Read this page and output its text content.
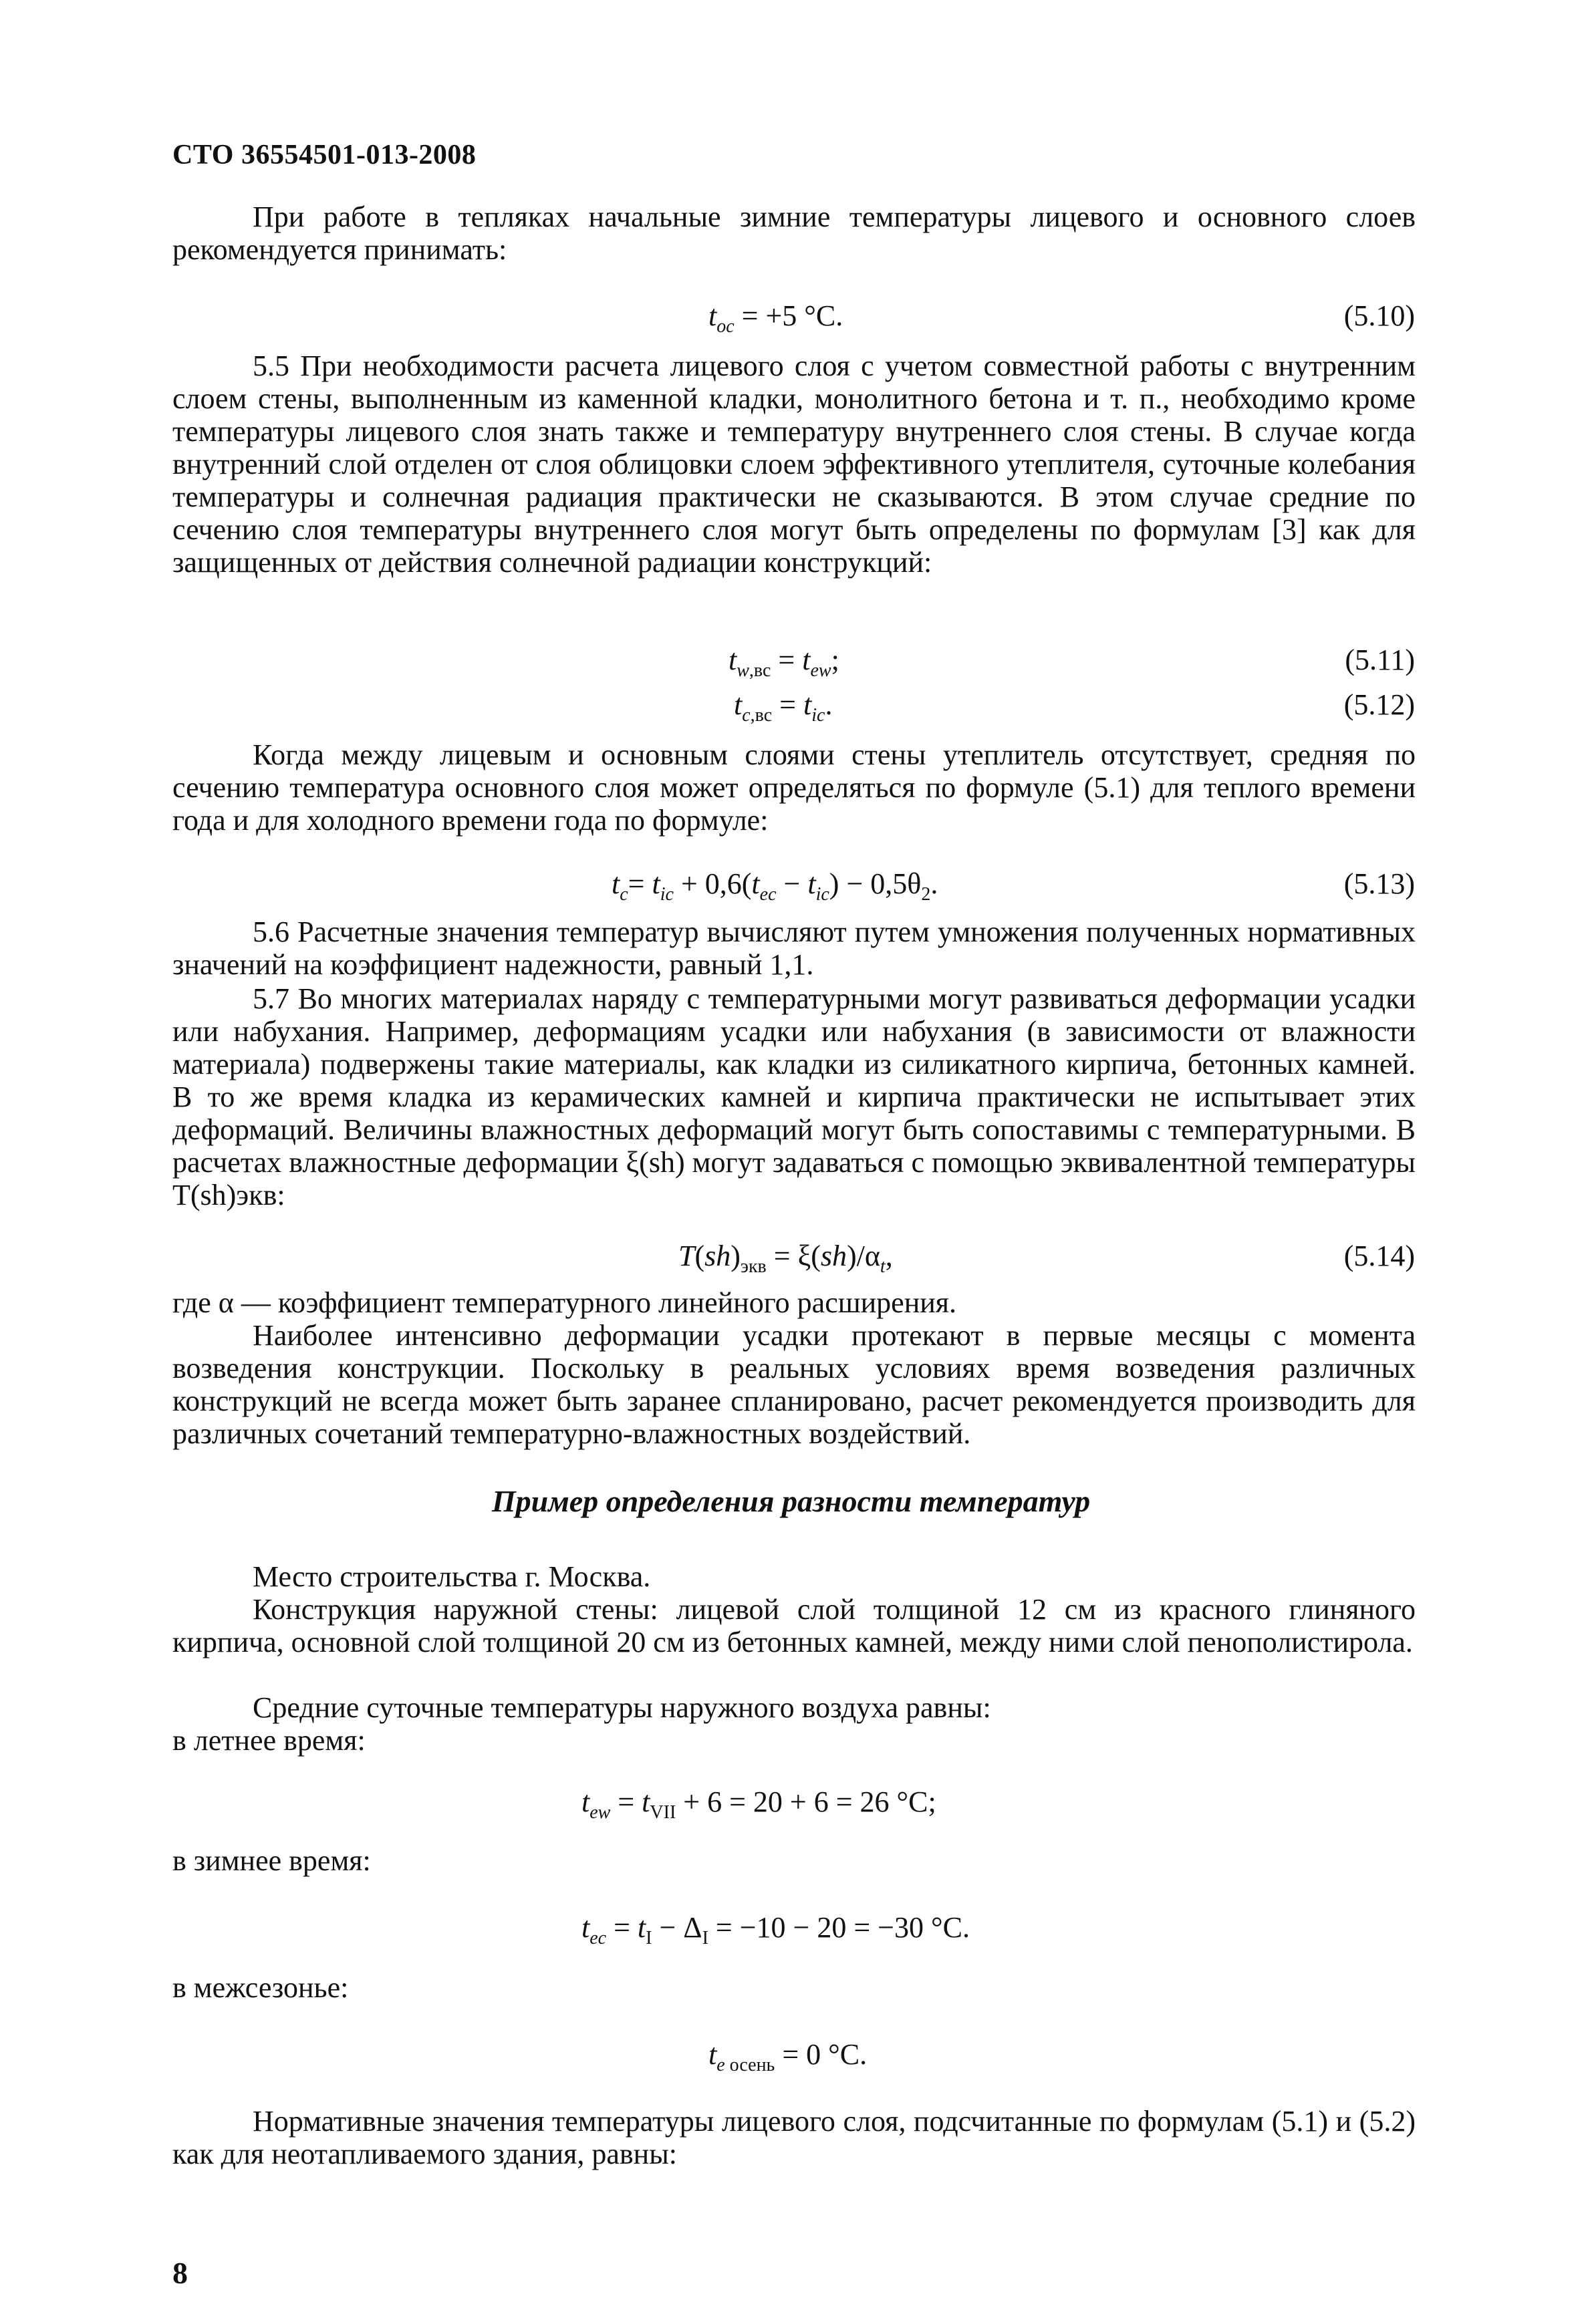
СТО 36554501-013-2008
При работе в тепляках начальные зимние температуры лицевого и основного слоев рекомендуется принимать:
$t_{oc} = +5$ °C.	(5.10)
5.5 При необходимости расчета лицевого слоя с учетом совместной работы с внутренним слоем стены, выполненным из каменной кладки, монолитного бетона и т. п., необходимо кроме температуры лицевого слоя знать также и температуру внутреннего слоя стены. В случае когда внутренний слой отделен от слоя облицовки слоем эффективного утеплителя, суточные колебания температуры и солнечная радиация практически не сказываются. В этом случае средние по сечению слоя температуры внутреннего слоя могут быть определены по формулам [3] как для защищенных от действия солнечной радиации конструкций:
$t_{w,вс} = t_{ew}$;	(5.11)
$t_{c,вс} = t_{ic}$.	(5.12)
Когда между лицевым и основным слоями стены утеплитель отсутствует, средняя по сечению температура основного слоя может определяться по формуле (5.1) для теплого времени года и для холодного времени года по формуле:
$t_c= t_{ic} + 0,6(t_{ec} - t_{ic}) - 0,5\theta_2$.	(5.13)
5.6 Расчетные значения температур вычисляют путем умножения полученных нормативных значений на коэффициент надежности, равный 1,1.
5.7 Во многих материалах наряду с температурными могут развиваться деформации усадки или набухания. Например, деформациям усадки или набухания (в зависимости от влажности материала) подвержены такие материалы, как кладки из силикатного кирпича, бетонных камней. В то же время кладка из керамических камней и кирпича практически не испытывает этих деформаций. Величины влажностных деформаций могут быть сопоставимы с температурными. В расчетах влажностные деформации ξ(sh) могут задаваться с помощью эквивалентной температуры T(sh)экв:
$T(sh)_{экв} = \xi(sh)/\alpha_t$,	(5.14)
где α — коэффициент температурного линейного расширения.
Наиболее интенсивно деформации усадки протекают в первые месяцы с момента возведения конструкции. Поскольку в реальных условиях время возведения различных конструкций не всегда может быть заранее спланировано, расчет рекомендуется производить для различных сочетаний температурно-влажностных воздействий.
Пример определения разности температур
Место строительства г. Москва.
Конструкция наружной стены: лицевой слой толщиной 12 см из красного глиняного кирпича, основной слой толщиной 20 см из бетонных камней, между ними слой пенополистирола.
Средние суточные температуры наружного воздуха равны:
в летнее время:
$t_{ew} = t_{VII} + 6 = 20 + 6 = 26$ °C;
в зимнее время:
$t_{ec} = t_I - \Delta_I = -10 - 20 = -30$ °C.
в межсезонье:
$t_{e осень} = 0$ °C.
Нормативные значения температуры лицевого слоя, подсчитанные по формулам (5.1) и (5.2) как для неотапливаемого здания, равны:
8
